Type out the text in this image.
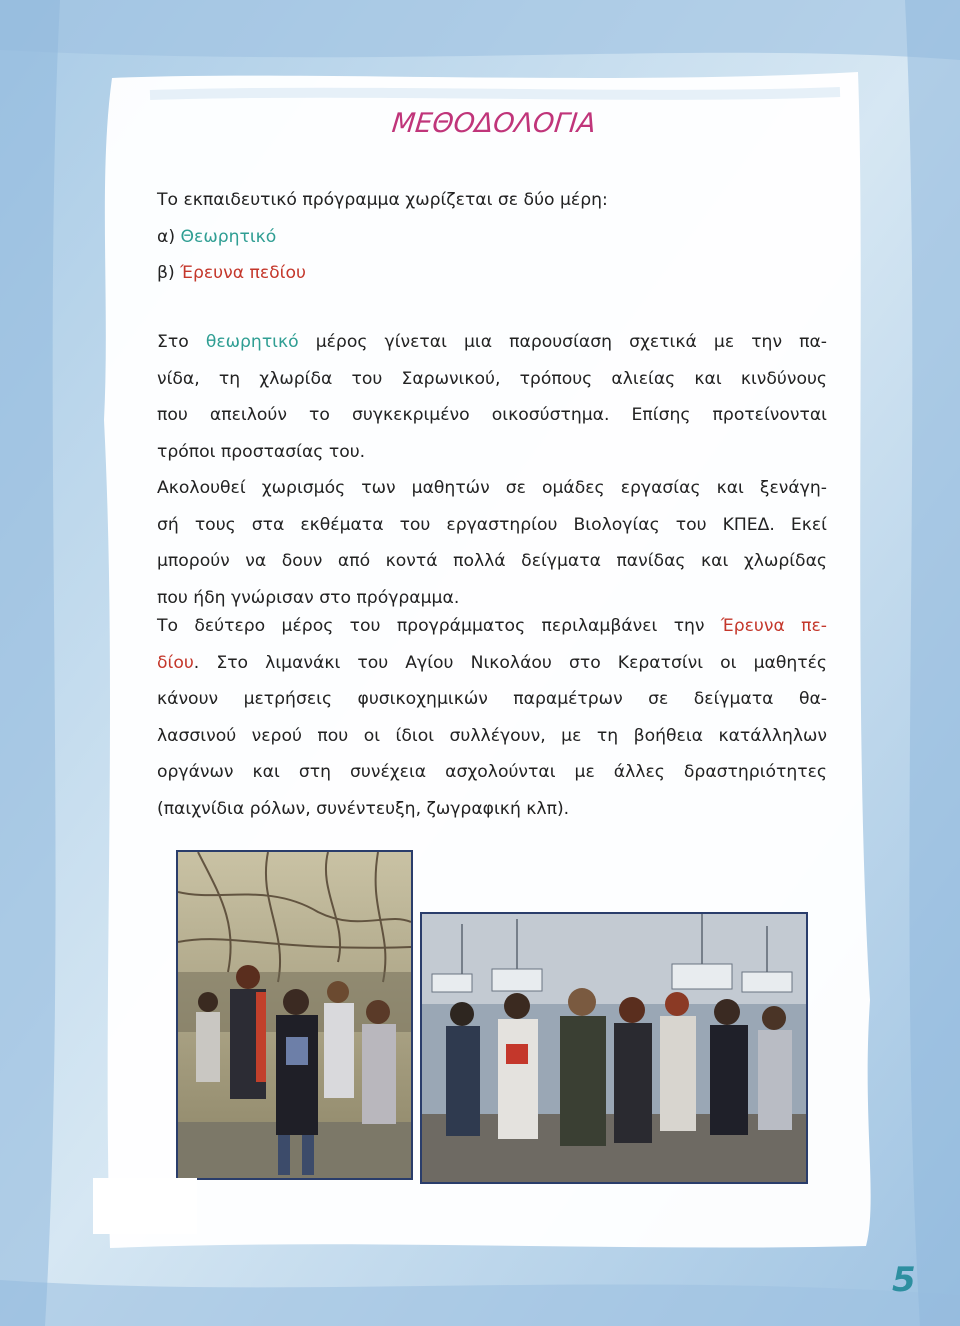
ΜΕΘΟΔΟΛΟΓΙΑ
Το εκπαιδευτικό πρόγραμμα χωρίζεται σε δύο μέρη:
α) Θεωρητικό
β) Έρευνα πεδίου
Στο θεωρητικό μέρος γίνεται μια παρουσίαση σχετικά με την πα-
νίδα, τη χλωρίδα του Σαρωνικού, τρόπους αλιείας και κινδύνους
που απειλούν το συγκεκριμένο οικοσύστημα. Επίσης προτείνονται
τρόποι προστασίας του.
Ακολουθεί χωρισμός των μαθητών σε ομάδες εργασίας και ξενάγη-
σή τους στα εκθέματα του εργαστηρίου Βιολογίας του ΚΠΕΔ. Εκεί
μπορούν να δουν από κοντά πολλά δείγματα πανίδας και χλωρίδας
που ήδη γνώρισαν στο πρόγραμμα.
Το δεύτερο μέρος του προγράμματος περιλαμβάνει την Έρευνα πε-
δίου. Στο λιμανάκι του Αγίου Νικολάου στο Κερατσίνι οι μαθητές
κάνουν μετρήσεις φυσικοχημικών παραμέτρων σε δείγματα θα-
λασσινού νερού που οι ίδιοι συλλέγουν, με τη βοήθεια κατάλληλων
οργάνων και στη συνέχεια ασχολούνται με άλλες δραστηριότητες
(παιχνίδια ρόλων, συνέντευξη, ζωγραφική κλπ).
5
